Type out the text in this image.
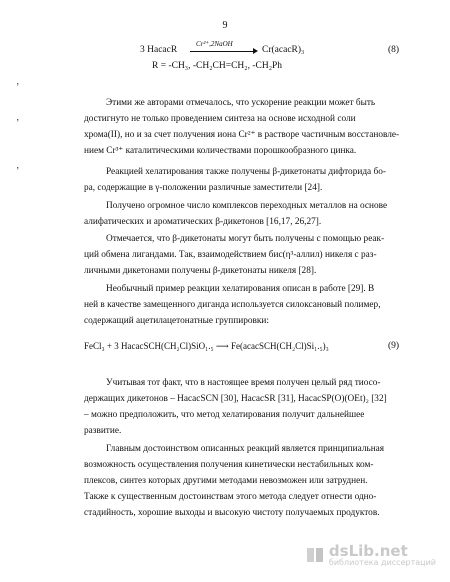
9
3 HacacR
Cr²⁺,2NaOH
Cr(acacR)₃	(8)
R = -CH₃, -CH₂CH=CH₂, -CH₂Ph
Этими же авторами отмечалось, что ускорение реакции может быть
достигнуто не только проведением синтеза на основе исходной соли
хрома(II), но и за счет получения иона Cr²⁺ в растворе частичным восстановле-
нием Cr³⁺ каталитическими количествами порошкообразного цинка.
Реакцией хелатирования также получены β-дикетонаты дифторида бо-
ра, содержащие в γ-положении различные заместители [24].
Получено огромное число комплексов переходных металлов на основе
алифатических и ароматических β-дикетонов [16,17, 26,27].
Отмечается, что β-дикетонаты могут быть получены с помощью реак-
ций обмена лигандами. Так, взаимодействием бис(η³-аллил) никеля с раз-
личными дикетонами получены β-дикетонаты никеля [28].
Необычный пример реакции хелатирования описан в работе [29]. В
ней в качестве замещенного диганда используется силоксановый полимер,
содержащий ацетилацетонатные группировки:
FeCl₃ + 3 HacacSCH(CH₂Cl)SiO₁.₅ ⟶ Fe(acacSCH(CH₂Cl)Si₁.₅)₃	(9)
Учитывая тот факт, что в настоящее время получен целый ряд тиосо-
держащих дикетонов – HacacSCN [30], HacacSR [31], HacacSP(O)(OEt)₂ [32]
– можно предположить, что метод хелатирования получит дальнейшее
развитие.
Главным достоинством описанных реакций является принципиальная
возможность осуществления получения кинетически нестабильных ком-
плексов, синтез которых другими методами невозможен или затруднен.
Также к существенным достоинствам этого метода следует отнести одно-
стадийность, хорошие выходы и высокую чистоту получаемых продуктов.
ʼ
ʼ
ʼ
dsLib.net
библиотека диссертаций
